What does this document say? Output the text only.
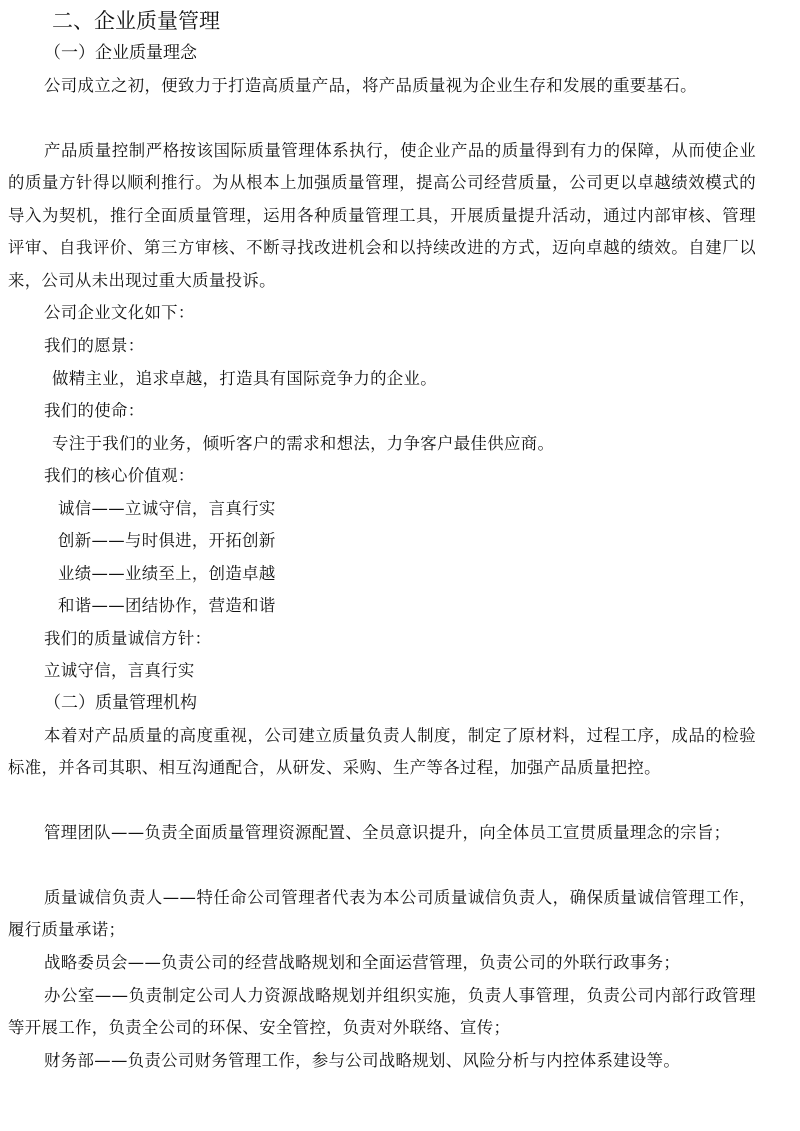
二、企业质量管理
（一）企业质量理念

公司成立之初，便致力于打造高质量产品，将产品质量视为企业生存和发展的重要基石。

产品质量控制严格按该国际质量管理体系执行，使企业产品的质量得到有力的保障，从而使企业的质量方针得以顺利推行。为从根本上加强质量管理，提高公司经营质量，公司更以卓越绩效模式的导入为契机，推行全面质量管理，运用各种质量管理工具，开展质量提升活动，通过内部审核、管理评审、自我评价、第三方审核、不断寻找改进机会和以持续改进的方式，迈向卓越的绩效。自建厂以来，公司从未出现过重大质量投诉。

公司企业文化如下：

我们的愿景：

做精主业，追求卓越，打造具有国际竞争力的企业。

我们的使命：

专注于我们的业务，倾听客户的需求和想法，力争客户最佳供应商。

我们的核心价值观：

诚信——立诚守信，言真行实

创新——与时俱进，开拓创新

业绩——业绩至上，创造卓越

和谐——团结协作，营造和谐

我们的质量诚信方针：

立诚守信，言真行实

（二）质量管理机构

本着对产品质量的高度重视，公司建立质量负责人制度，制定了原材料，过程工序，成品的检验标准，并各司其职、相互沟通配合，从研发、采购、生产等各过程，加强产品质量把控。

管理团队——负责全面质量管理资源配置、全员意识提升，向全体员工宣贯质量理念的宗旨；

质量诚信负责人——特任命公司管理者代表为本公司质量诚信负责人，确保质量诚信管理工作，履行质量承诺；

战略委员会——负责公司的经营战略规划和全面运营管理，负责公司的外联行政事务；

办公室——负责制定公司人力资源战略规划并组织实施，负责人事管理，负责公司内部行政管理等开展工作，负责全公司的环保、安全管控，负责对外联络、宣传；

财务部——负责公司财务管理工作，参与公司战略规划、风险分析与内控体系建设等。
